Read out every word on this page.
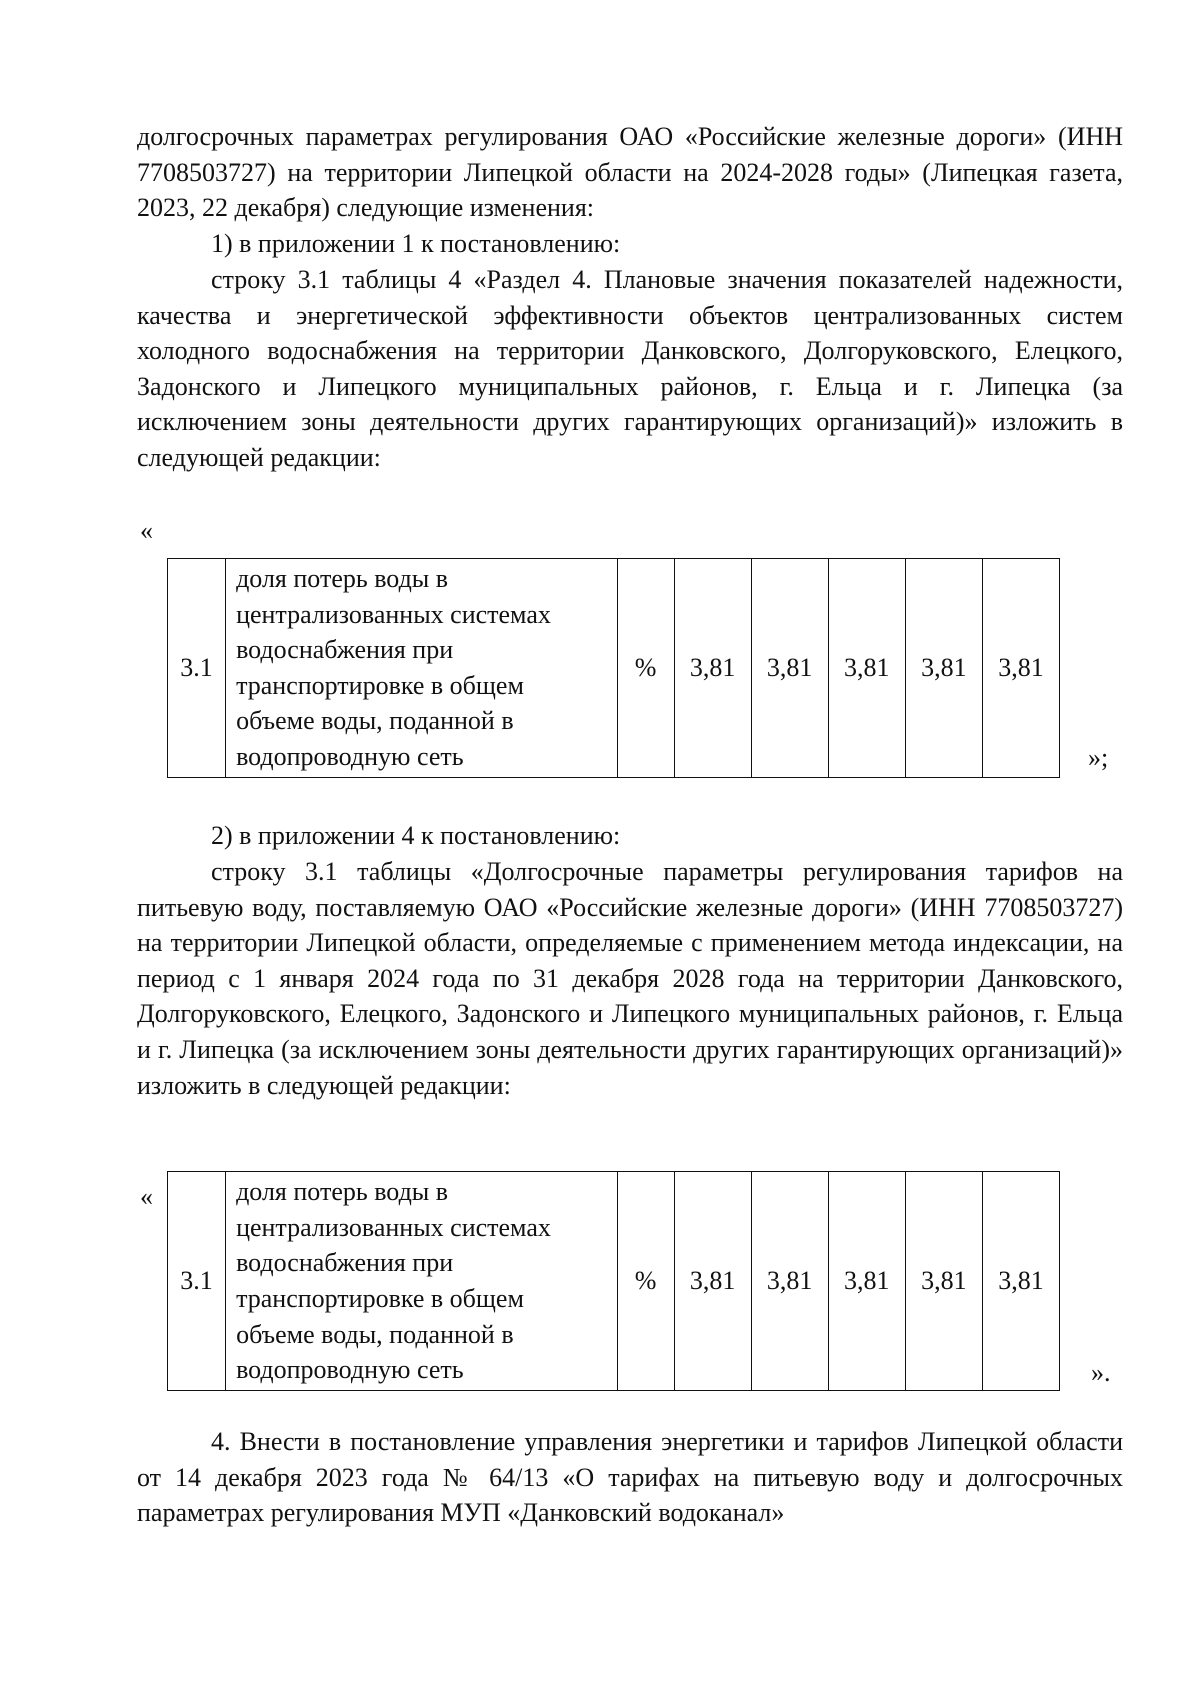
долгосрочных параметрах регулирования ОАО «Российские железные дороги» (ИНН 7708503727) на территории Липецкой области на 2024-2028 годы» (Липецкая газета, 2023, 22 декабря) следующие изменения:

1) в приложении 1 к постановлению:

строку 3.1 таблицы 4 «Раздел 4. Плановые значения показателей надежности, качества и энергетической эффективности объектов централизованных систем холодного водоснабжения на территории Данковского, Долгоруковского, Елецкого, Задонского и Липецкого муниципальных районов, г. Ельца и г. Липецка (за исключением зоны деятельности других гарантирующих организаций)» изложить в следующей редакции:

«
3.1	доля потерь воды в централизованных системах водоснабжения при транспортировке в общем объеме воды, поданной в водопроводную сеть	%	3,81	3,81	3,81	3,81	3,81
»;

2) в приложении 4 к постановлению:

строку 3.1 таблицы «Долгосрочные параметры регулирования тарифов на питьевую воду, поставляемую ОАО «Российские железные дороги» (ИНН 7708503727) на территории Липецкой области, определяемые с применением метода индексации, на период с 1 января 2024 года по 31 декабря 2028 года на территории Данковского, Долгоруковского, Елецкого, Задонского и Липецкого муниципальных районов, г. Ельца и г. Липецка (за исключением зоны деятельности других гарантирующих организаций)» изложить в следующей редакции:

«
3.1	доля потерь воды в централизованных системах водоснабжения при транспортировке в общем объеме воды, поданной в водопроводную сеть	%	3,81	3,81	3,81	3,81	3,81
».

4. Внести в постановление управления энергетики и тарифов Липецкой области от 14 декабря 2023 года № 64/13 «О тарифах на питьевую воду и долгосрочных параметрах регулирования МУП «Данковский водоканал»
